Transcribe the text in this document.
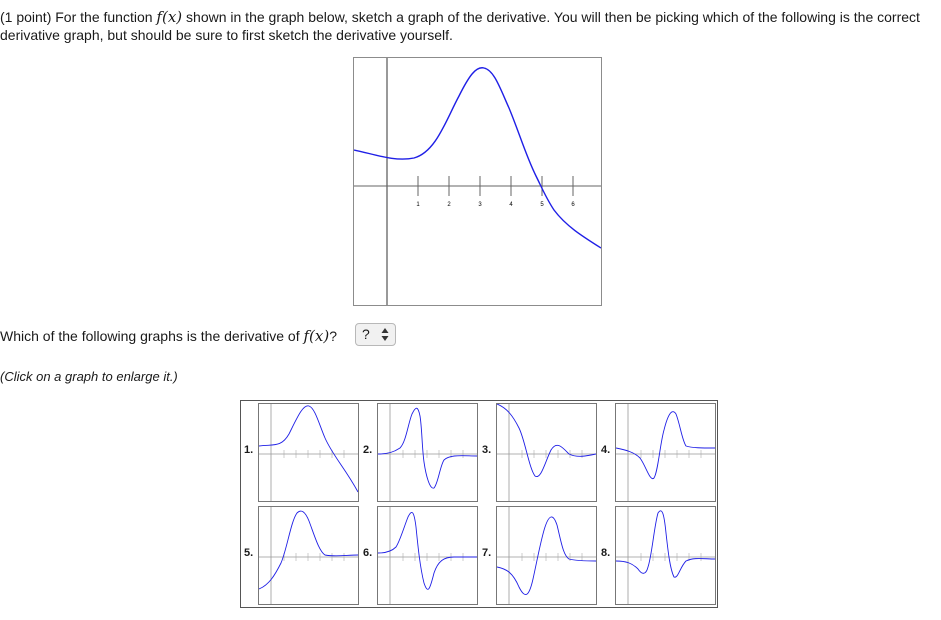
(1 point) For the function f(x) shown in the graph below, sketch a graph of the derivative. You will then be picking which of the following is the correct derivative graph, but should be sure to first sketch the derivative yourself.
1	2	3	4	5	6
Which of the following graphs is the derivative of f(x)?	?
(Click on a graph to enlarge it.)
1.	2.	3.	4.
5.	6.	7.	8.
